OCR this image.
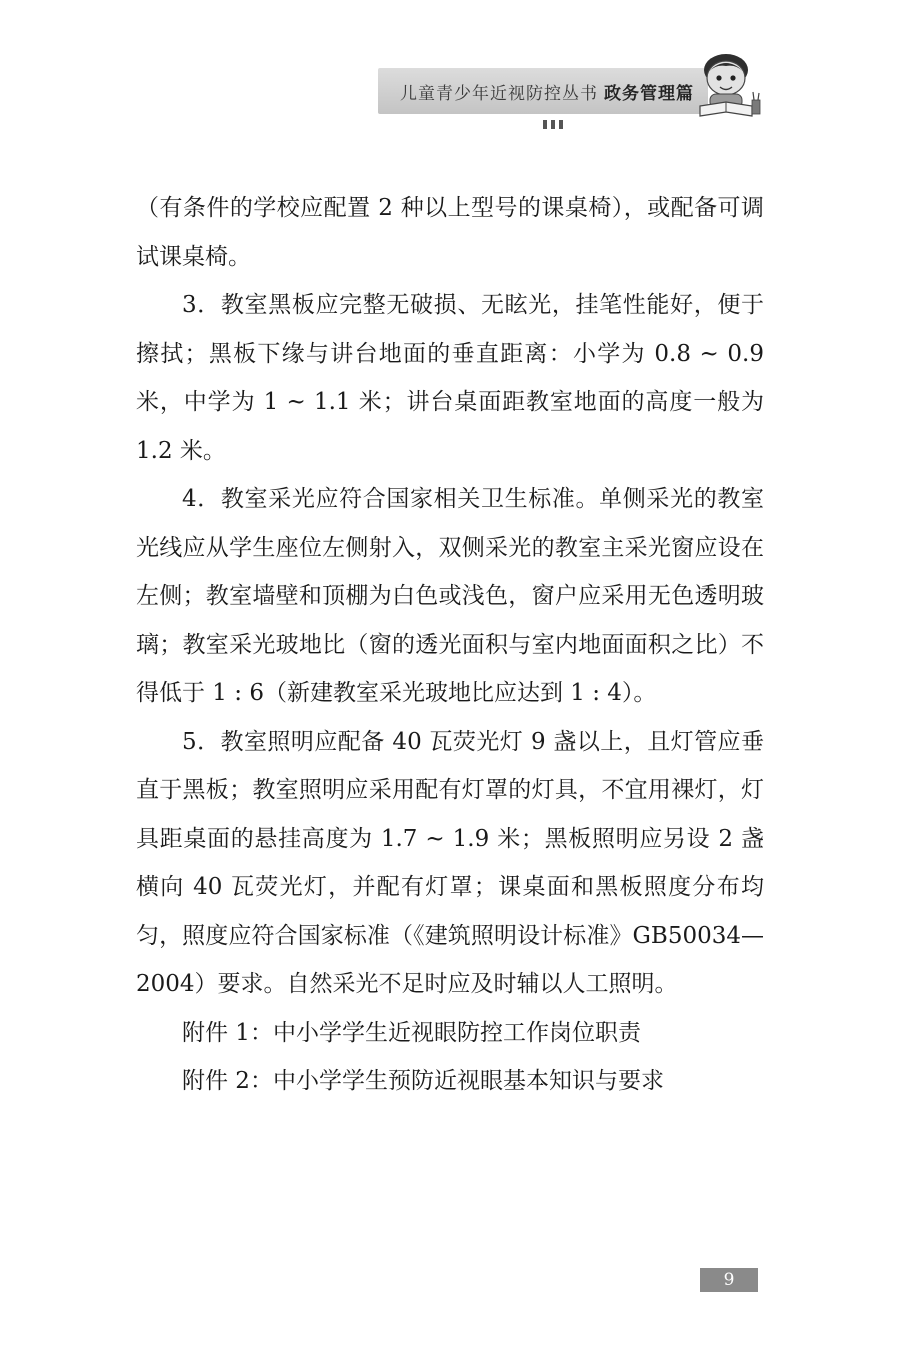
儿童青少年近视防控丛书 政务管理篇

（有条件的学校应配置 2 种以上型号的课桌椅），或配备可调试课桌椅。

3．教室黑板应完整无破损、无眩光，挂笔性能好，便于擦拭；黑板下缘与讲台地面的垂直距离：小学为 0.8 ~ 0.9 米，中学为 1 ~ 1.1 米；讲台桌面距教室地面的高度一般为 1.2 米。

4．教室采光应符合国家相关卫生标准。单侧采光的教室光线应从学生座位左侧射入，双侧采光的教室主采光窗应设在左侧；教室墙壁和顶棚为白色或浅色，窗户应采用无色透明玻璃；教室采光玻地比（窗的透光面积与室内地面面积之比）不得低于 1 : 6（新建教室采光玻地比应达到 1 : 4）。

5．教室照明应配备 40 瓦荧光灯 9 盏以上，且灯管应垂直于黑板；教室照明应采用配有灯罩的灯具，不宜用裸灯，灯具距桌面的悬挂高度为 1.7 ~ 1.9 米；黑板照明应另设 2 盏横向 40 瓦荧光灯，并配有灯罩；课桌面和黑板照度分布均匀，照度应符合国家标准（《建筑照明设计标准》GB50034—2004）要求。自然采光不足时应及时辅以人工照明。

附件 1：中小学学生近视眼防控工作岗位职责

附件 2：中小学学生预防近视眼基本知识与要求

9
